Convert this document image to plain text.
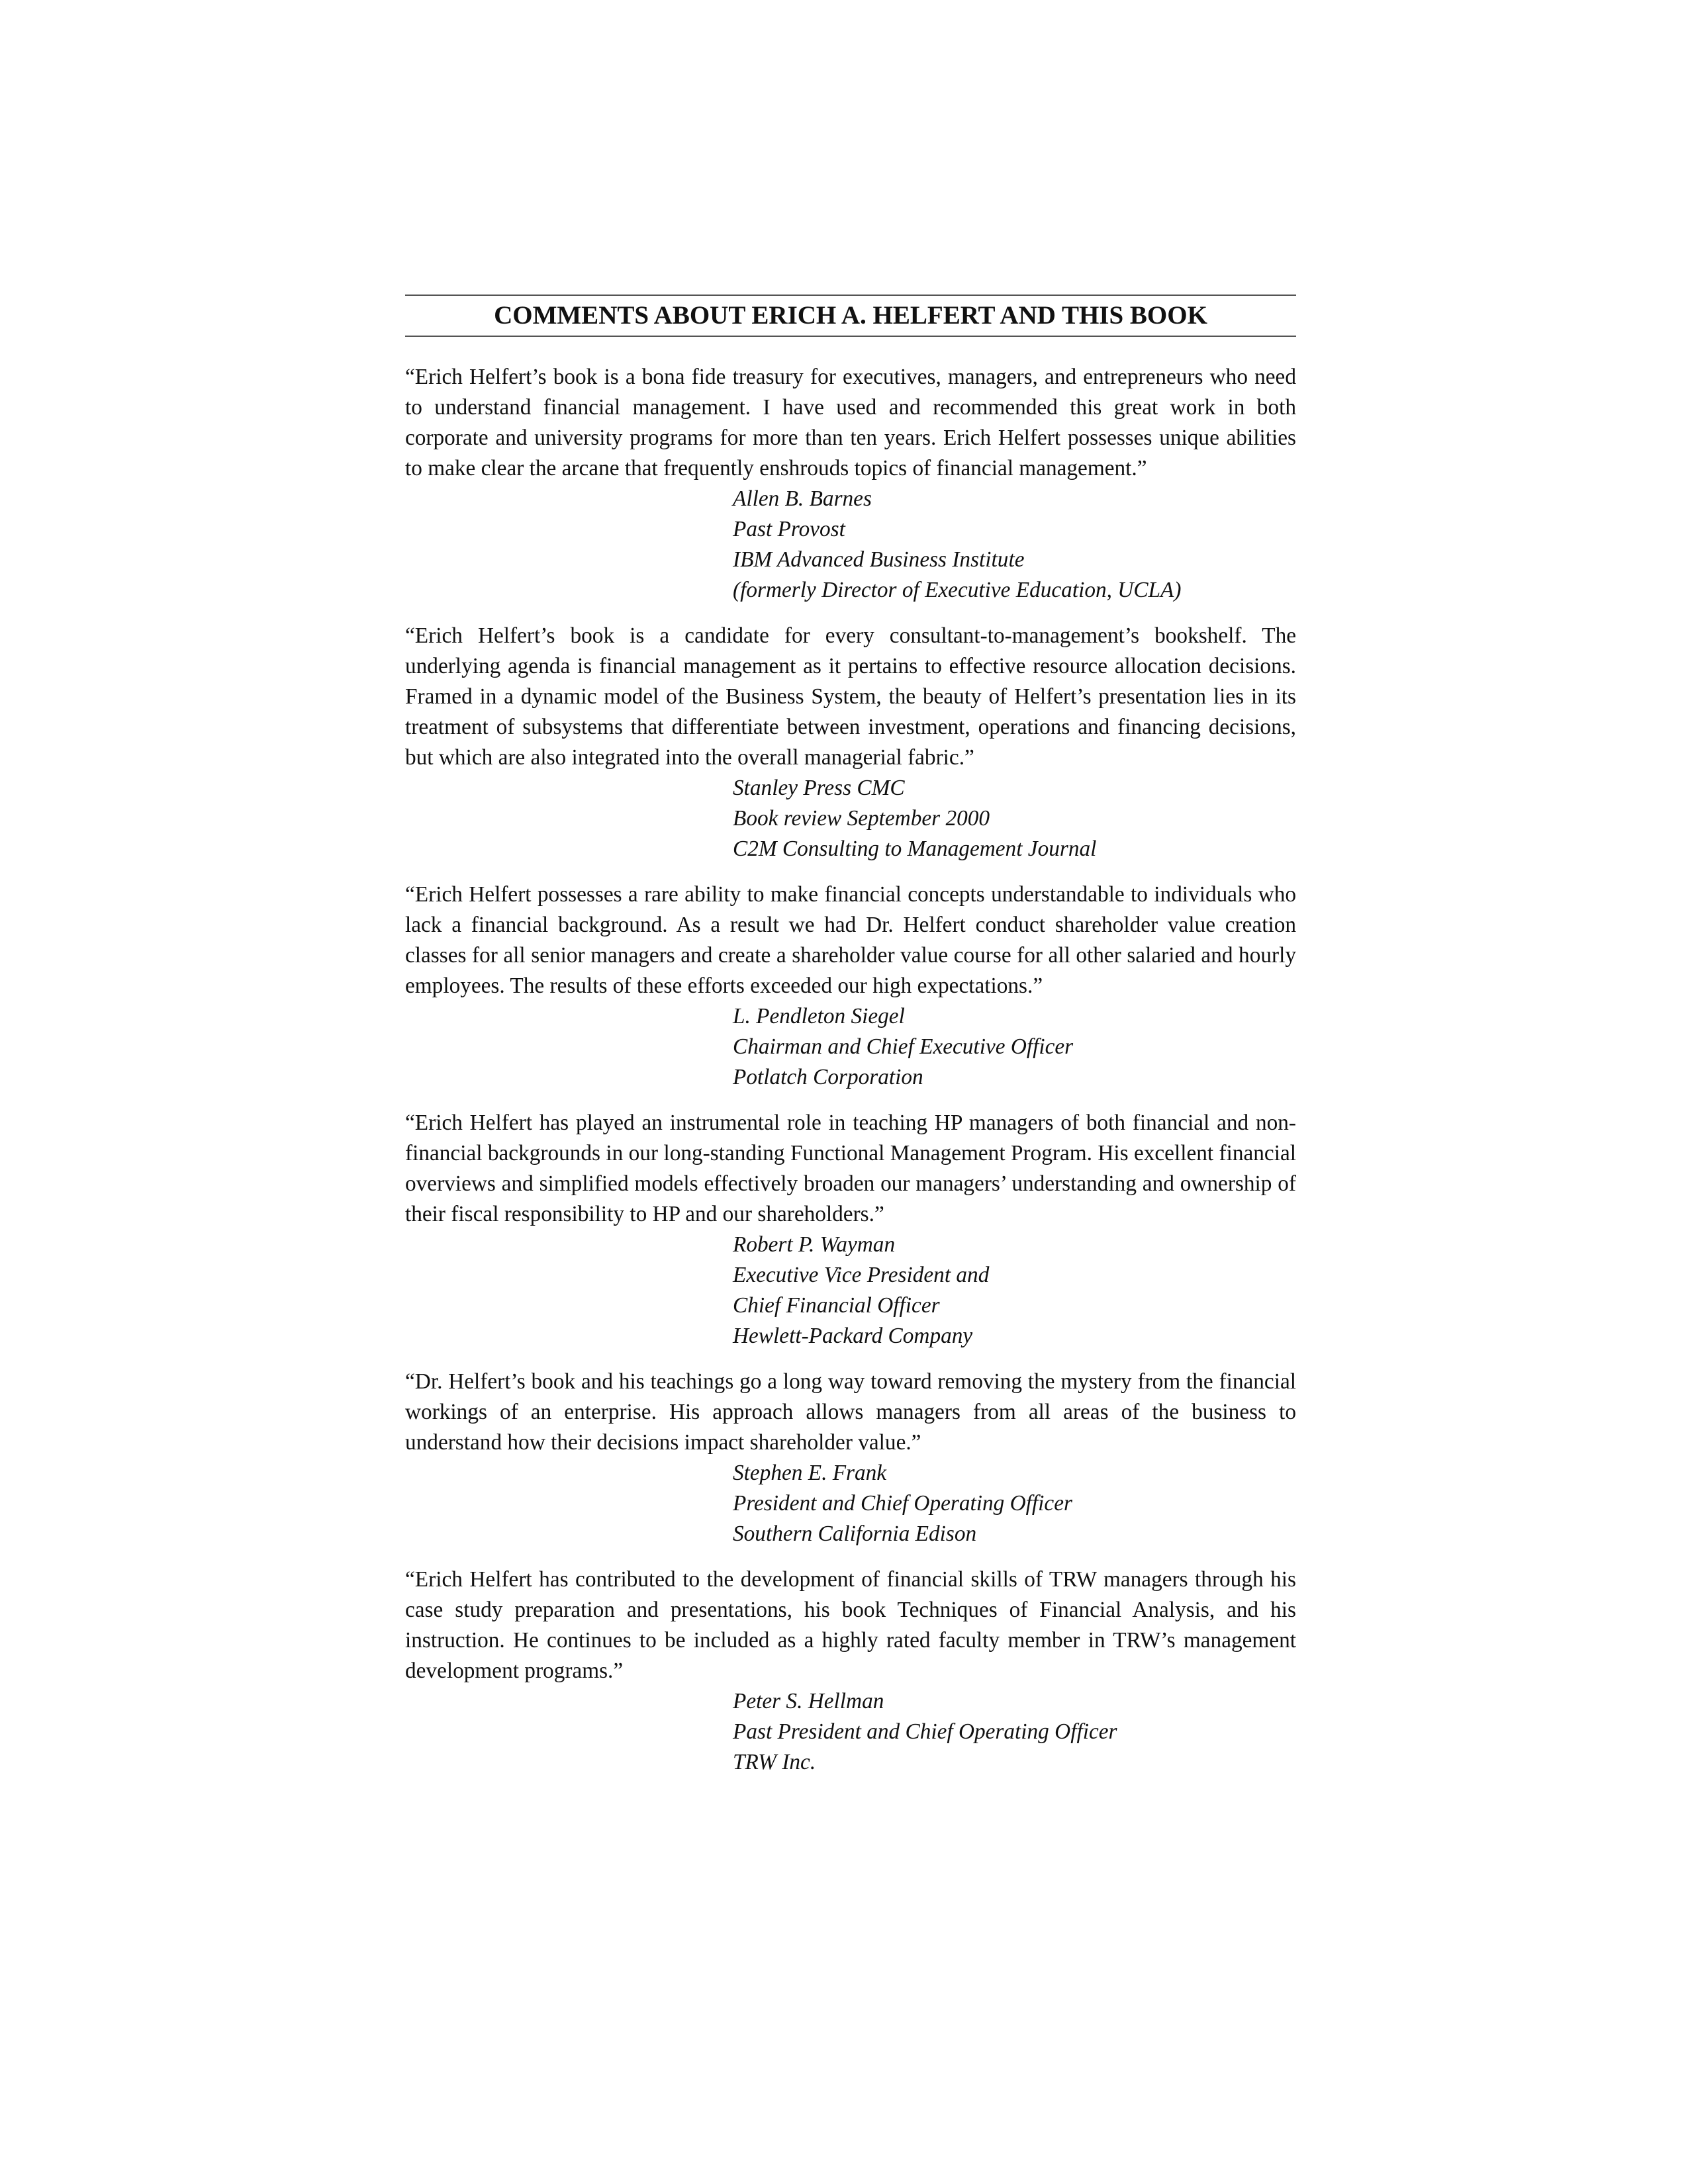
COMMENTS ABOUT ERICH A. HELFERT AND THIS BOOK

“Erich Helfert’s book is a bona fide treasury for executives, managers, and entrepreneurs who need to understand financial management. I have used and recommended this great work in both corporate and university programs for more than ten years. Erich Helfert possesses unique abilities to make clear the arcane that frequently enshrouds topics of financial management.”

Allen B. Barnes
Past Provost
IBM Advanced Business Institute
(formerly Director of Executive Education, UCLA)

“Erich Helfert’s book is a candidate for every consultant-to-management’s bookshelf. The underlying agenda is financial management as it pertains to effective resource allocation decisions. Framed in a dynamic model of the Business System, the beauty of Helfert’s presentation lies in its treatment of subsystems that differentiate between investment, operations and financing decisions, but which are also integrated into the overall managerial fabric.”

Stanley Press CMC
Book review September 2000
C2M Consulting to Management Journal

“Erich Helfert possesses a rare ability to make financial concepts understandable to individuals who lack a financial background. As a result we had Dr. Helfert conduct shareholder value creation classes for all senior managers and create a shareholder value course for all other salaried and hourly employees. The results of these efforts exceeded our high expectations.”

L. Pendleton Siegel
Chairman and Chief Executive Officer
Potlatch Corporation

“Erich Helfert has played an instrumental role in teaching HP managers of both financial and non-financial backgrounds in our long-standing Functional Management Program. His excellent financial overviews and simplified models effectively broaden our managers’ understanding and ownership of their fiscal responsibility to HP and our shareholders.”

Robert P. Wayman
Executive Vice President and
Chief Financial Officer
Hewlett-Packard Company

“Dr. Helfert’s book and his teachings go a long way toward removing the mystery from the financial workings of an enterprise. His approach allows managers from all areas of the business to understand how their decisions impact shareholder value.”

Stephen E. Frank
President and Chief Operating Officer
Southern California Edison

“Erich Helfert has contributed to the development of financial skills of TRW managers through his case study preparation and presentations, his book Techniques of Financial Analysis, and his instruction. He continues to be included as a highly rated faculty member in TRW’s management development programs.”

Peter S. Hellman
Past President and Chief Operating Officer
TRW Inc.
